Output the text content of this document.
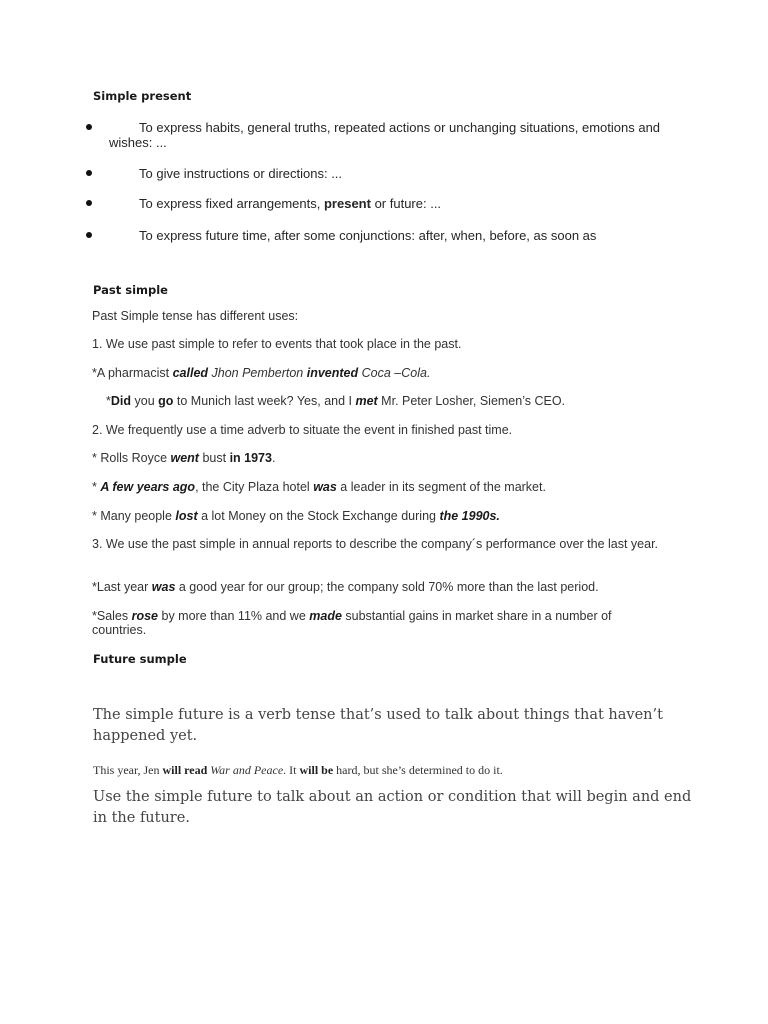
Simple present
To express habits, general truths, repeated actions or unchanging situations, emotions and wishes: ...
To give instructions or directions: ...
To express fixed arrangements, present or future: ...
To express future time, after some conjunctions: after, when, before, as soon as
Past simple
Past Simple tense has different uses:
1. We use past simple to refer to events that took place in the past.
*A pharmacist called Jhon Pemberton invented Coca –Cola.
*Did you go to Munich last week? Yes, and I met Mr. Peter Losher, Siemen’s CEO.
2. We frequently use a time adverb to situate the event in finished past time.
* Rolls Royce went bust in 1973.
* A few years ago, the City Plaza hotel was a leader in its segment of the market.
* Many people lost a lot Money on the Stock Exchange during the 1990s.
3. We use the past simple in annual reports to describe the company´s performance over the last year.
*Last year was a good year for our group; the company sold 70% more than the last period.
*Sales rose by more than 11% and we made substantial gains in market share in a number of countries.
Future sumple
The simple future is a verb tense that’s used to talk about things that haven’t happened yet.
This year, Jen will read War and Peace. It will be hard, but she’s determined to do it.
Use the simple future to talk about an action or condition that will begin and end in the future.
